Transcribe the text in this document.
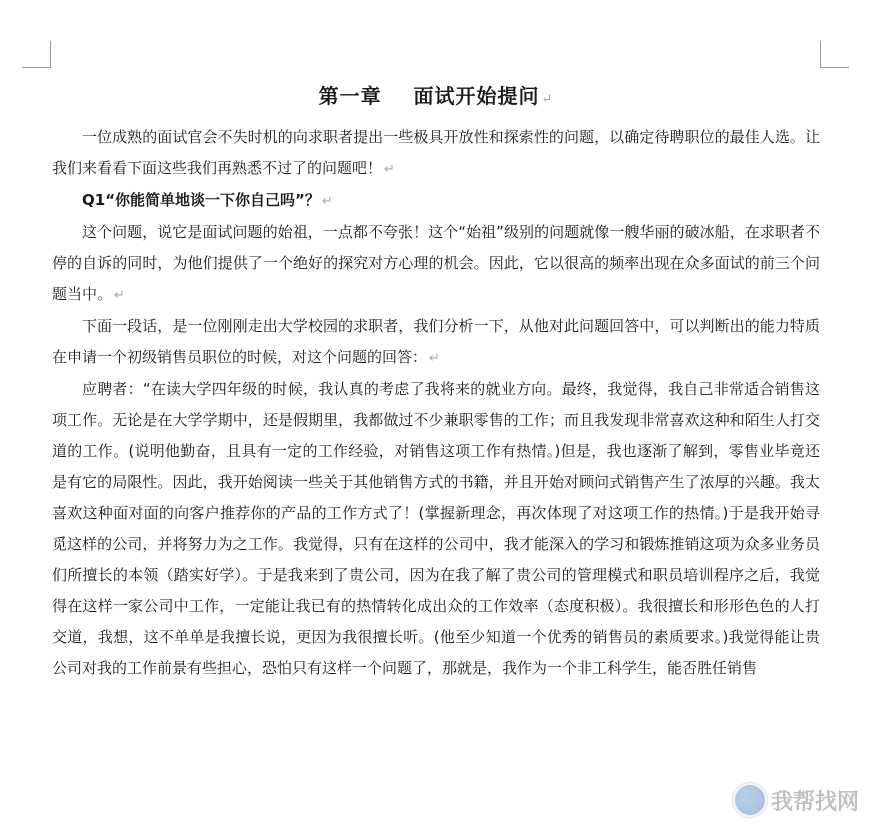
第一章    面试开始提问 ↵

一位成熟的面试官会不失时机的向求职者提出一些极具开放性和探索性的问题，以确定待聘职位的最佳人选。让我们来看看下面这些我们再熟悉不过了的问题吧！ ↵

Q1“你能简单地谈一下你自己吗”？ ↵

这个问题，说它是面试问题的始祖，一点都不夸张！这个“始祖”级别的问题就像一艘华丽的破冰船，在求职者不停的自诉的同时，为他们提供了一个绝好的探究对方心理的机会。因此，它以很高的频率出现在众多面试的前三个问题当中。 ↵

下面一段话，是一位刚刚走出大学校园的求职者，我们分析一下，从他对此问题回答中，可以判断出的能力特质在申请一个初级销售员职位的时候，对这个问题的回答： ↵

应聘者：“在读大学四年级的时候，我认真的考虑了我将来的就业方向。最终，我觉得，我自己非常适合销售这项工作。无论是在大学学期中，还是假期里，我都做过不少兼职零售的工作；而且我发现非常喜欢这种和陌生人打交道的工作。(说明他勤奋，且具有一定的工作经验，对销售这项工作有热情。)但是，我也逐渐了解到，零售业毕竟还是有它的局限性。因此，我开始阅读一些关于其他销售方式的书籍，并且开始对顾问式销售产生了浓厚的兴趣。我太喜欢这种面对面的向客户推荐你的产品的工作方式了！(掌握新理念，再次体现了对这项工作的热情。)于是我开始寻觅这样的公司，并将努力为之工作。我觉得，只有在这样的公司中，我才能深入的学习和锻炼推销这项为众多业务员们所擅长的本领（踏实好学）。于是我来到了贵公司，因为在我了解了贵公司的管理模式和职员培训程序之后，我觉得在这样一家公司中工作，一定能让我已有的热情转化成出众的工作效率（态度积极）。我很擅长和形形色色的人打交道，我想，这不单单是我擅长说，更因为我很擅长听。(他至少知道一个优秀的销售员的素质要求。)我觉得能让贵公司对我的工作前景有些担心，恐怕只有这样一个问题了，那就是，我作为一个非工科学生，能否胜任销售

我帮找网
